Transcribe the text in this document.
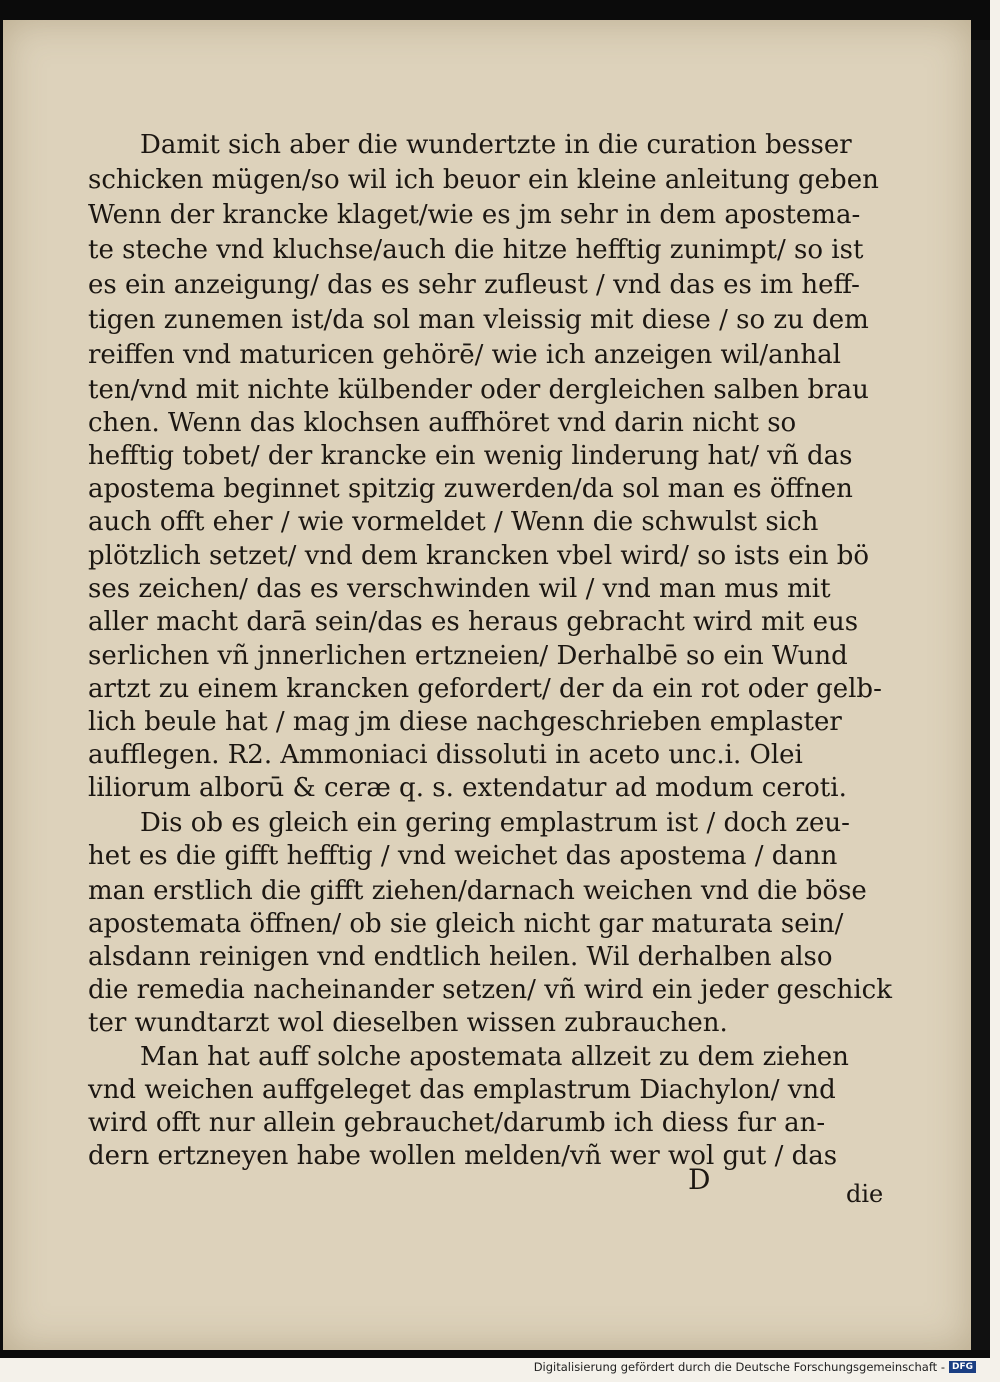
Damit sich aber die wundertzte in die curation besser
schicken mügen/so wil ich beuor ein kleine anleitung geben
Wenn der krancke klaget/wie es jm sehr in dem apostema-
te steche vnd kluchse/auch die hitze hefftig zunimpt/ so ist
es ein anzeigung/ das es sehr zufleust / vnd das es im heff-
tigen zunemen ist/da sol man vleissig mit diese / so zu dem
reiffen vnd maturicen gehörē/ wie ich anzeigen wil/anhal
ten/vnd mit nichte külbender oder dergleichen salben brau
chen. Wenn das klochsen auffhöret vnd darin nicht so
hefftig tobet/ der krancke ein wenig linderung hat/ vñ das
apostema beginnet spitzig zuwerden/da sol man es öffnen
auch offt eher / wie vormeldet / Wenn die schwulst sich
plötzlich setzet/ vnd dem krancken vbel wird/ so ists ein bö
ses zeichen/ das es verschwinden wil / vnd man mus mit
aller macht darā sein/das es heraus gebracht wird mit eus
serlichen vñ jnnerlichen ertzneien/ Derhalbē so ein Wund
artzt zu einem krancken gefordert/ der da ein rot oder gelb-
lich beule hat / mag jm diese nachgeschrieben emplaster
aufflegen. R2. Ammoniaci dissoluti in aceto unc.i. Olei
liliorum alborū & ceræ q. s. extendatur ad modum ceroti.
Dis ob es gleich ein gering emplastrum ist / doch zeu-
het es die gifft hefftig / vnd weichet das apostema / dann
man erstlich die gifft ziehen/darnach weichen vnd die böse
apostemata öffnen/ ob sie gleich nicht gar maturata sein/
alsdann reinigen vnd endtlich heilen. Wil derhalben also
die remedia nacheinander setzen/ vñ wird ein jeder geschick
ter wundtarzt wol dieselben wissen zubrauchen.
Man hat auff solche apostemata allzeit zu dem ziehen
vnd weichen auffgeleget das emplastrum Diachylon/ vnd
wird offt nur allein gebrauchet/darumb ich diess fur an-
dern ertzneyen habe wollen melden/vñ wer wol gut / das
D	die
Digitalisierung gefördert durch die Deutsche Forschungsgemeinschaft - DFG
